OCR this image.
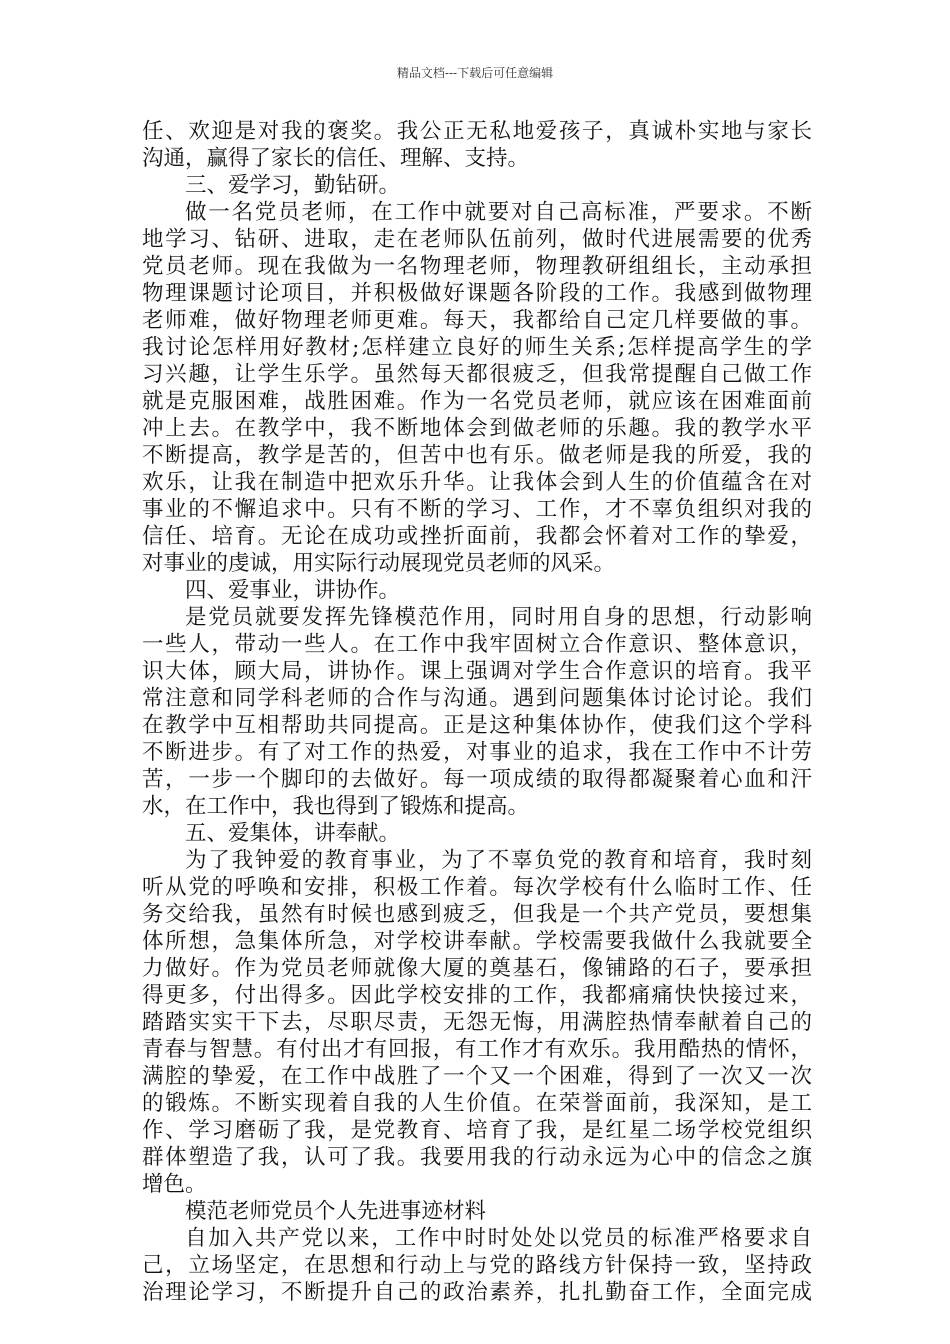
精品文档---下载后可任意编辑
任、欢迎是对我的褒奖。我公正无私地爱孩子，真诚朴实地与家长
沟通，赢得了家长的信任、理解、支持。
三、爱学习，勤钻研。
做一名党员老师，在工作中就要对自己高标准，严要求。不断
地学习、钻研、进取，走在老师队伍前列，做时代进展需要的优秀
党员老师。现在我做为一名物理老师，物理教研组组长，主动承担
物理课题讨论项目，并积极做好课题各阶段的工作。我感到做物理
老师难，做好物理老师更难。每天，我都给自己定几样要做的事。
我讨论怎样用好教材;怎样建立良好的师生关系;怎样提高学生的学
习兴趣，让学生乐学。虽然每天都很疲乏，但我常提醒自己做工作
就是克服困难，战胜困难。作为一名党员老师，就应该在困难面前
冲上去。在教学中，我不断地体会到做老师的乐趣。我的教学水平
不断提高，教学是苦的，但苦中也有乐。做老师是我的所爱，我的
欢乐，让我在制造中把欢乐升华。让我体会到人生的价值蕴含在对
事业的不懈追求中。只有不断的学习、工作，才不辜负组织对我的
信任、培育。无论在成功或挫折面前，我都会怀着对工作的挚爱，
对事业的虔诚，用实际行动展现党员老师的风采。
四、爱事业，讲协作。
是党员就要发挥先锋模范作用，同时用自身的思想，行动影响
一些人，带动一些人。在工作中我牢固树立合作意识、整体意识，
识大体，顾大局，讲协作。课上强调对学生合作意识的培育。我平
常注意和同学科老师的合作与沟通。遇到问题集体讨论讨论。我们
在教学中互相帮助共同提高。正是这种集体协作，使我们这个学科
不断进步。有了对工作的热爱，对事业的追求，我在工作中不计劳
苦，一步一个脚印的去做好。每一项成绩的取得都凝聚着心血和汗
水，在工作中，我也得到了锻炼和提高。
五、爱集体，讲奉献。
为了我钟爱的教育事业，为了不辜负党的教育和培育，我时刻
听从党的呼唤和安排，积极工作着。每次学校有什么临时工作、任
务交给我，虽然有时候也感到疲乏，但我是一个共产党员，要想集
体所想，急集体所急，对学校讲奉献。学校需要我做什么我就要全
力做好。作为党员老师就像大厦的奠基石，像铺路的石子，要承担
得更多，付出得多。因此学校安排的工作，我都痛痛快快接过来，
踏踏实实干下去，尽职尽责，无怨无悔，用满腔热情奉献着自己的
青春与智慧。有付出才有回报，有工作才有欢乐。我用酷热的情怀，
满腔的挚爱，在工作中战胜了一个又一个困难，得到了一次又一次
的锻炼。不断实现着自我的人生价值。在荣誉面前，我深知，是工
作、学习磨砺了我，是党教育、培育了我，是红星二场学校党组织
群体塑造了我，认可了我。我要用我的行动永远为心中的信念之旗
增色。
模范老师党员个人先进事迹材料
自加入共产党以来，工作中时时处处以党员的标准严格要求自
己，立场坚定，在思想和行动上与党的路线方针保持一致，坚持政
治理论学习，不断提升自己的政治素养，扎扎勤奋工作，全面完成
